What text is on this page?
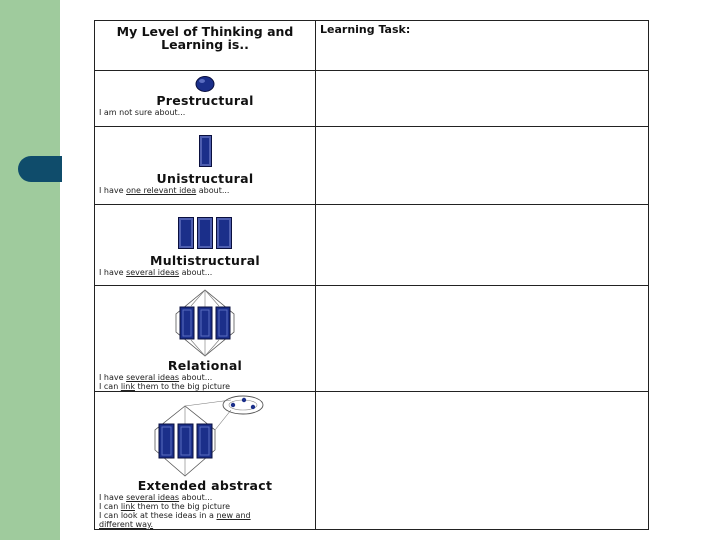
My Level of Thinking and Learning is..	Learning Task:

Prestructural
I am not sure about...	

Unistructural
I have one relevant idea about...	

Multistructural
I have several ideas about...	

Relational
I have several ideas about...
I can link them to the big picture	

Extended abstract
I have several ideas about...
I can link them to the big picture
I can look at these ideas in a new and
different way.	
